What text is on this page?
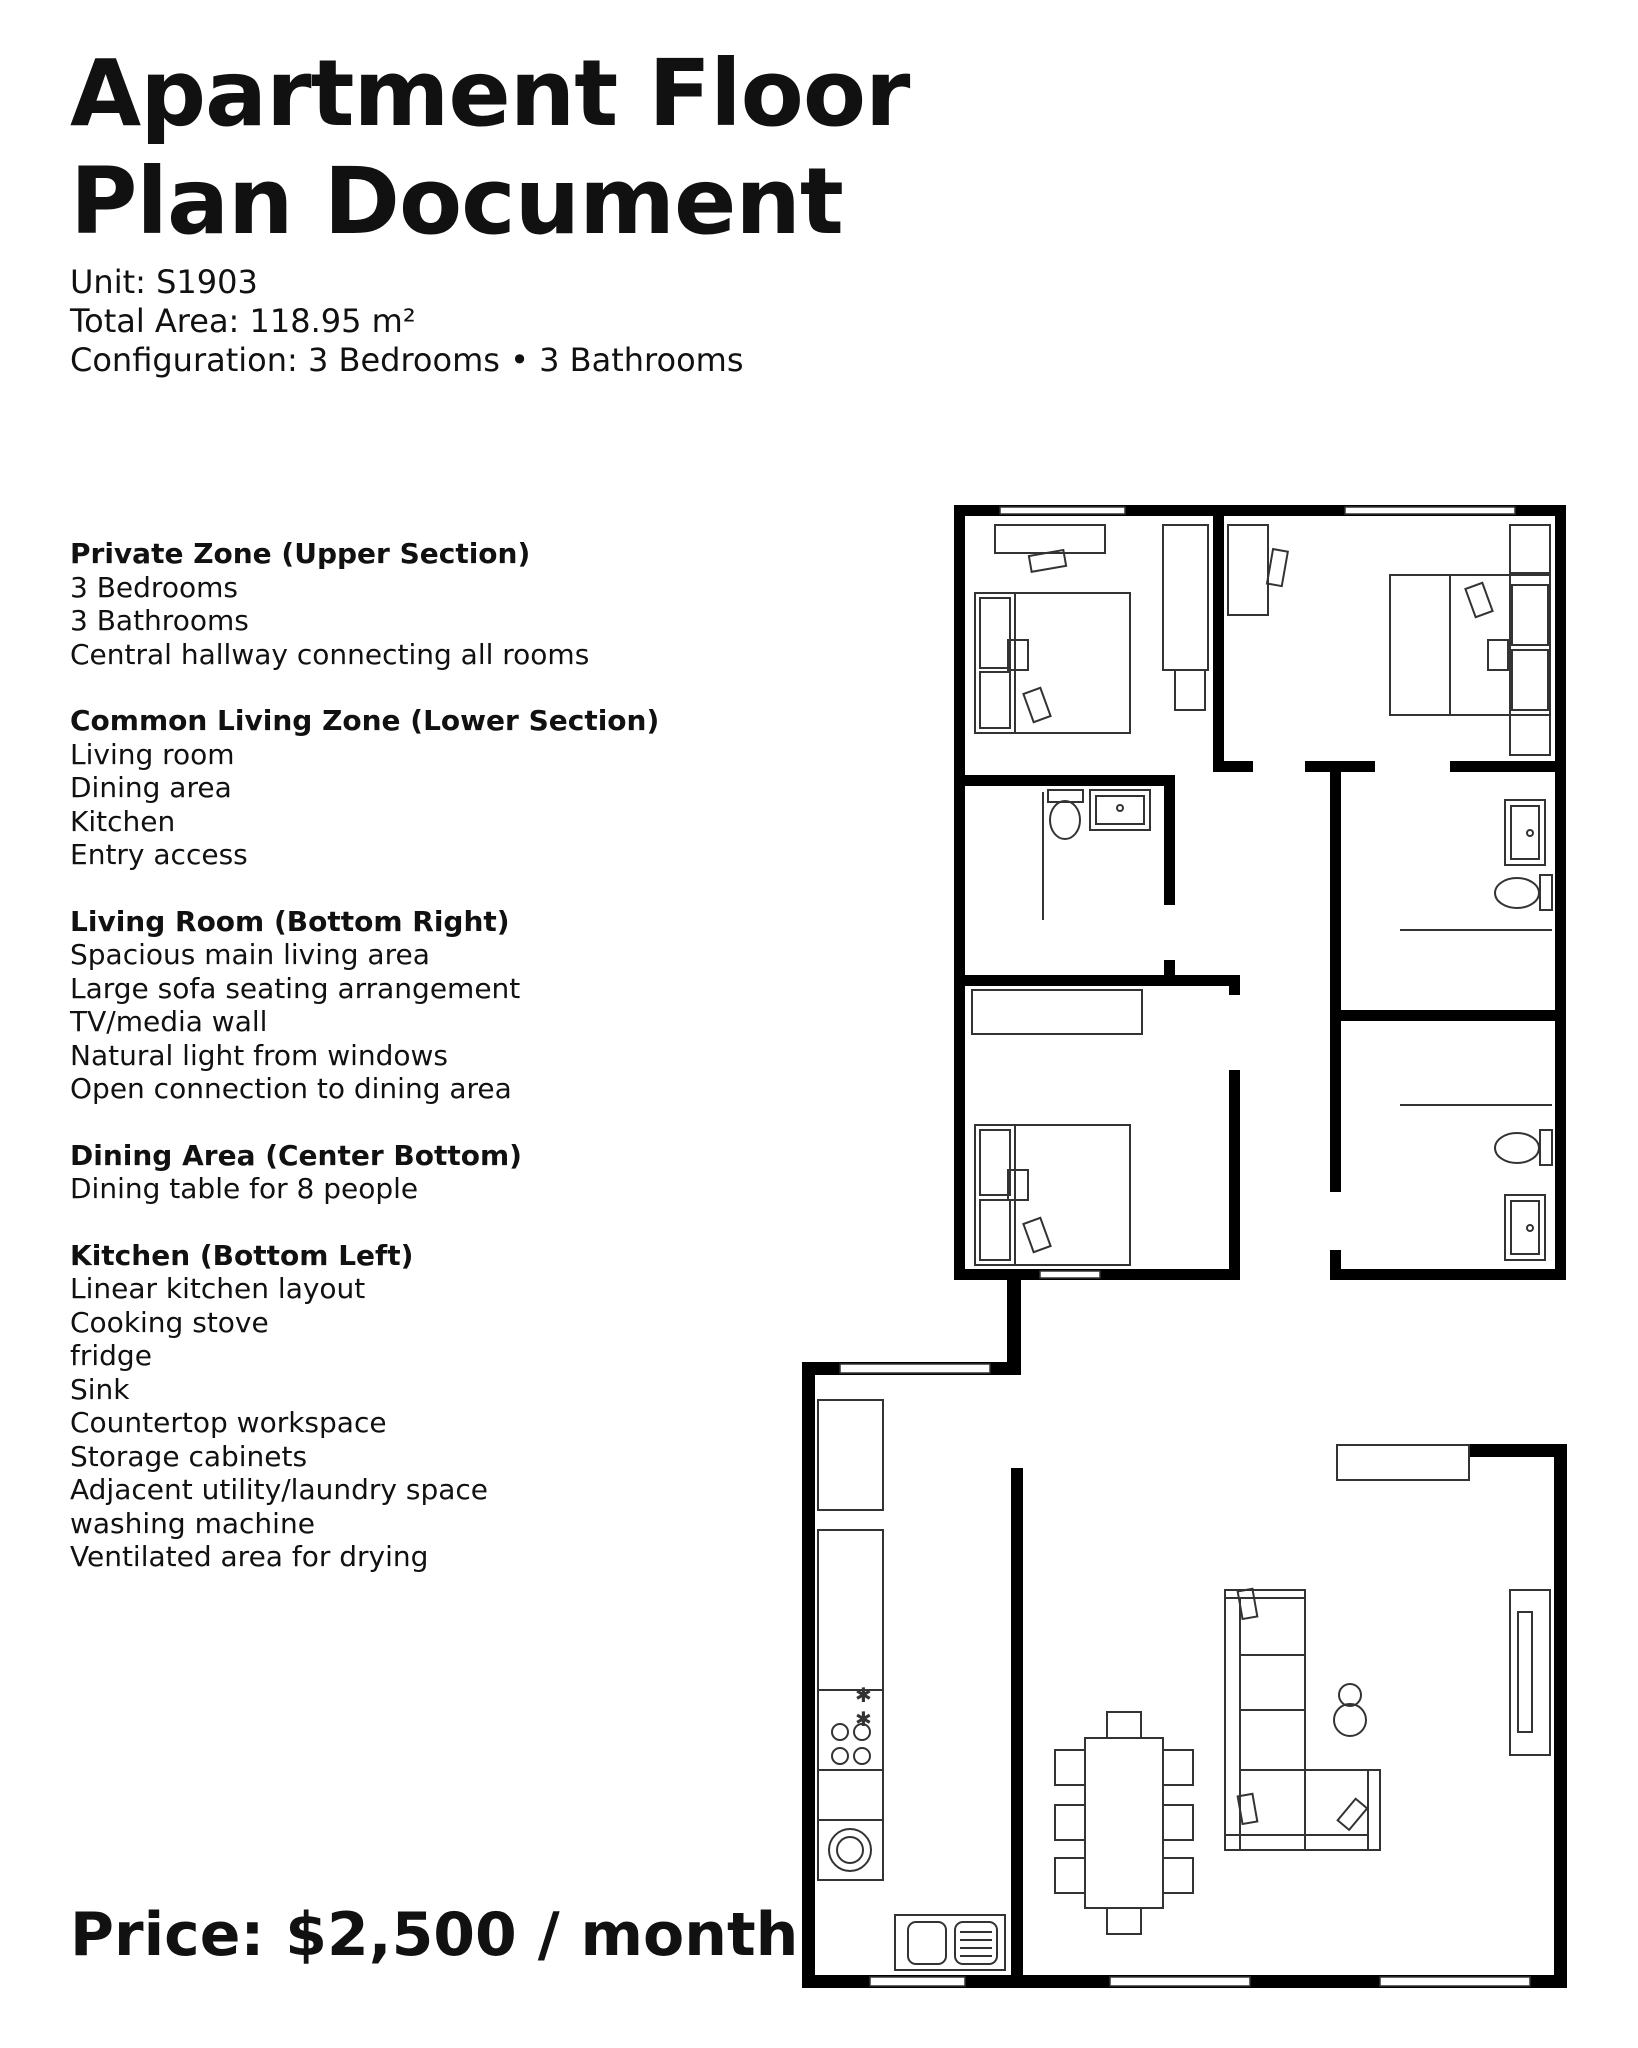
Apartment Floor
Plan Document
Unit: S1903
Total Area: 118.95 m²
Configuration: 3 Bedrooms • 3 Bathrooms
Private Zone (Upper Section)
3 Bedrooms
3 Bathrooms
Central hallway connecting all rooms
Common Living Zone (Lower Section)
Living room
Dining area
Kitchen
Entry access
Living Room (Bottom Right)
Spacious main living area
Large sofa seating arrangement
TV/media wall
Natural light from windows
Open connection to dining area
Dining Area (Center Bottom)
Dining table for 8 people
Kitchen (Bottom Left)
Linear kitchen layout
Cooking stove
fridge
Sink
Countertop workspace
Storage cabinets
Adjacent utility/laundry space
washing machine
Ventilated area for drying
Price: $2,500 / month
✱
✱
